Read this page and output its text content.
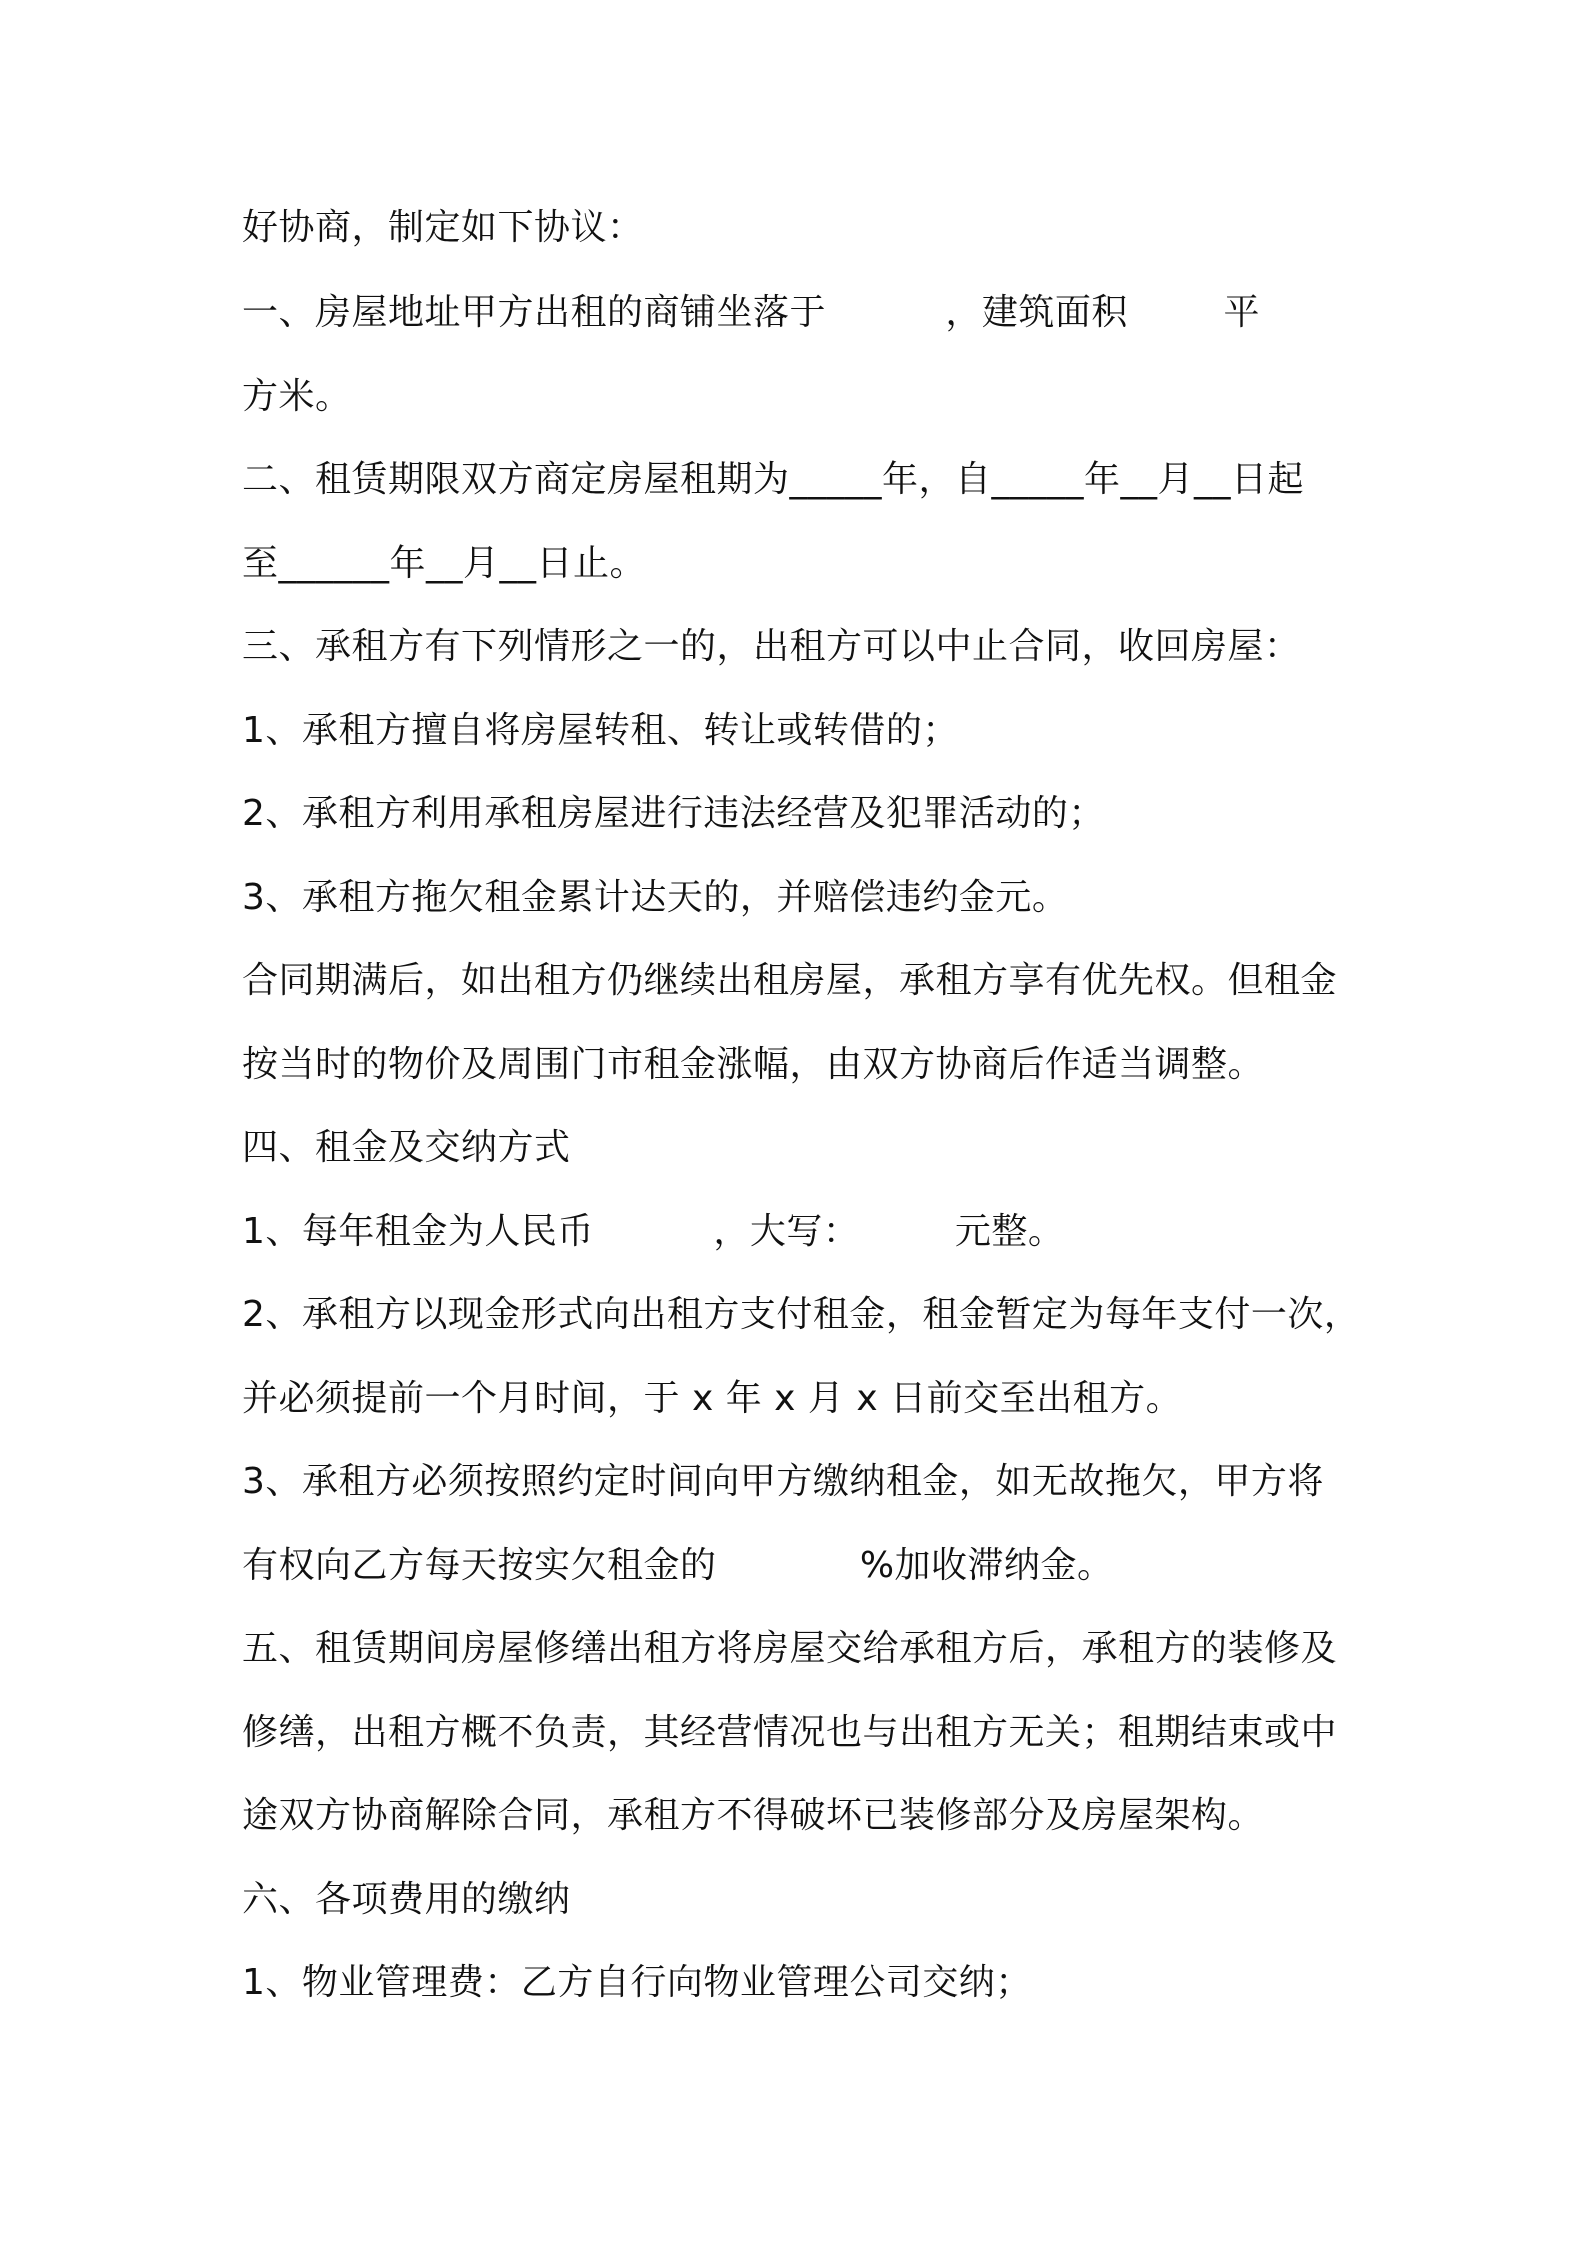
好协商，制定如下协议：
一、房屋地址甲方出租的商铺坐落于          ，建筑面积        平
方米。
二、租赁期限双方商定房屋租期为_____年，自_____年__月__日起
至______年__月__日止。
三、承租方有下列情形之一的，出租方可以中止合同，收回房屋：
1、承租方擅自将房屋转租、转让或转借的；
2、承租方利用承租房屋进行违法经营及犯罪活动的；
3、承租方拖欠租金累计达天的，并赔偿违约金元。
合同期满后，如出租方仍继续出租房屋，承租方享有优先权。但租金
按当时的物价及周围门市租金涨幅，由双方协商后作适当调整。
四、租金及交纳方式
1、每年租金为人民币          ，大写：        元整。
2、承租方以现金形式向出租方支付租金，租金暂定为每年支付一次，
并必须提前一个月时间，于 x 年 x 月 x 日前交至出租方。
3、承租方必须按照约定时间向甲方缴纳租金，如无故拖欠，甲方将
有权向乙方每天按实欠租金的            %加收滞纳金。
五、租赁期间房屋修缮出租方将房屋交给承租方后，承租方的装修及
修缮，出租方概不负责，其经营情况也与出租方无关；租期结束或中
途双方协商解除合同，承租方不得破坏已装修部分及房屋架构。
六、各项费用的缴纳
1、物业管理费：乙方自行向物业管理公司交纳；
